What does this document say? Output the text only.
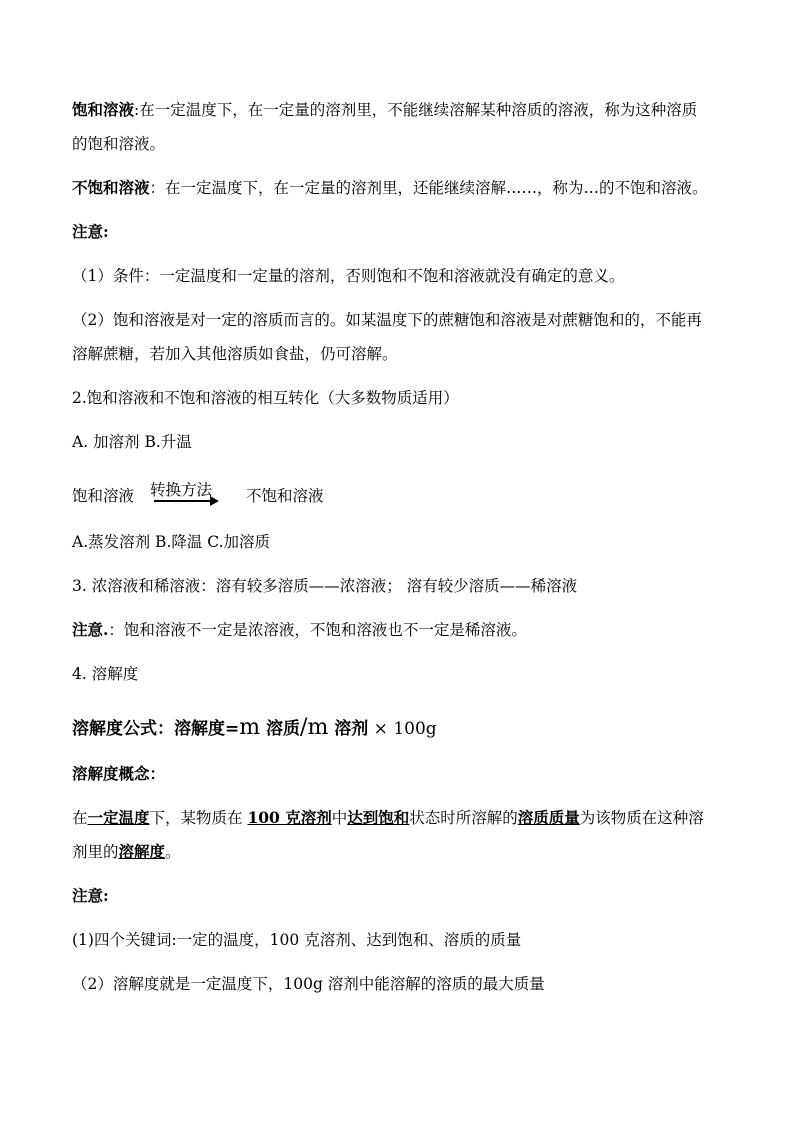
饱和溶液:在一定温度下，在一定量的溶剂里，不能继续溶解某种溶质的溶液，称为这种溶质
的饱和溶液。
不饱和溶液：在一定温度下，在一定量的溶剂里，还能继续溶解……，称为…的不饱和溶液。
注意:
（1）条件：一定温度和一定量的溶剂，否则饱和不饱和溶液就没有确定的意义。
（2）饱和溶液是对一定的溶质而言的。如某温度下的蔗糖饱和溶液是对蔗糖饱和的，不能再
溶解蔗糖，若加入其他溶质如食盐，仍可溶解。
2.饱和溶液和不饱和溶液的相互转化（大多数物质适用）
A. 加溶剂 B.升温
饱和溶液 转换方法 不饱和溶液
A.蒸发溶剂 B.降温 C.加溶质
3. 浓溶液和稀溶液：溶有较多溶质——浓溶液； 溶有较少溶质——稀溶液
注意.：饱和溶液不一定是浓溶液，不饱和溶液也不一定是稀溶液。
4. 溶解度
溶解度公式：溶解度=m 溶质/m 溶剂 × 100g
溶解度概念：
在一定温度下，某物质在 100 克溶剂中达到饱和状态时所溶解的溶质质量为该物质在这种溶
剂里的溶解度。
注意:
(1)四个关键词:一定的温度，100 克溶剂、达到饱和、溶质的质量
（2）溶解度就是一定温度下，100g 溶剂中能溶解的溶质的最大质量
